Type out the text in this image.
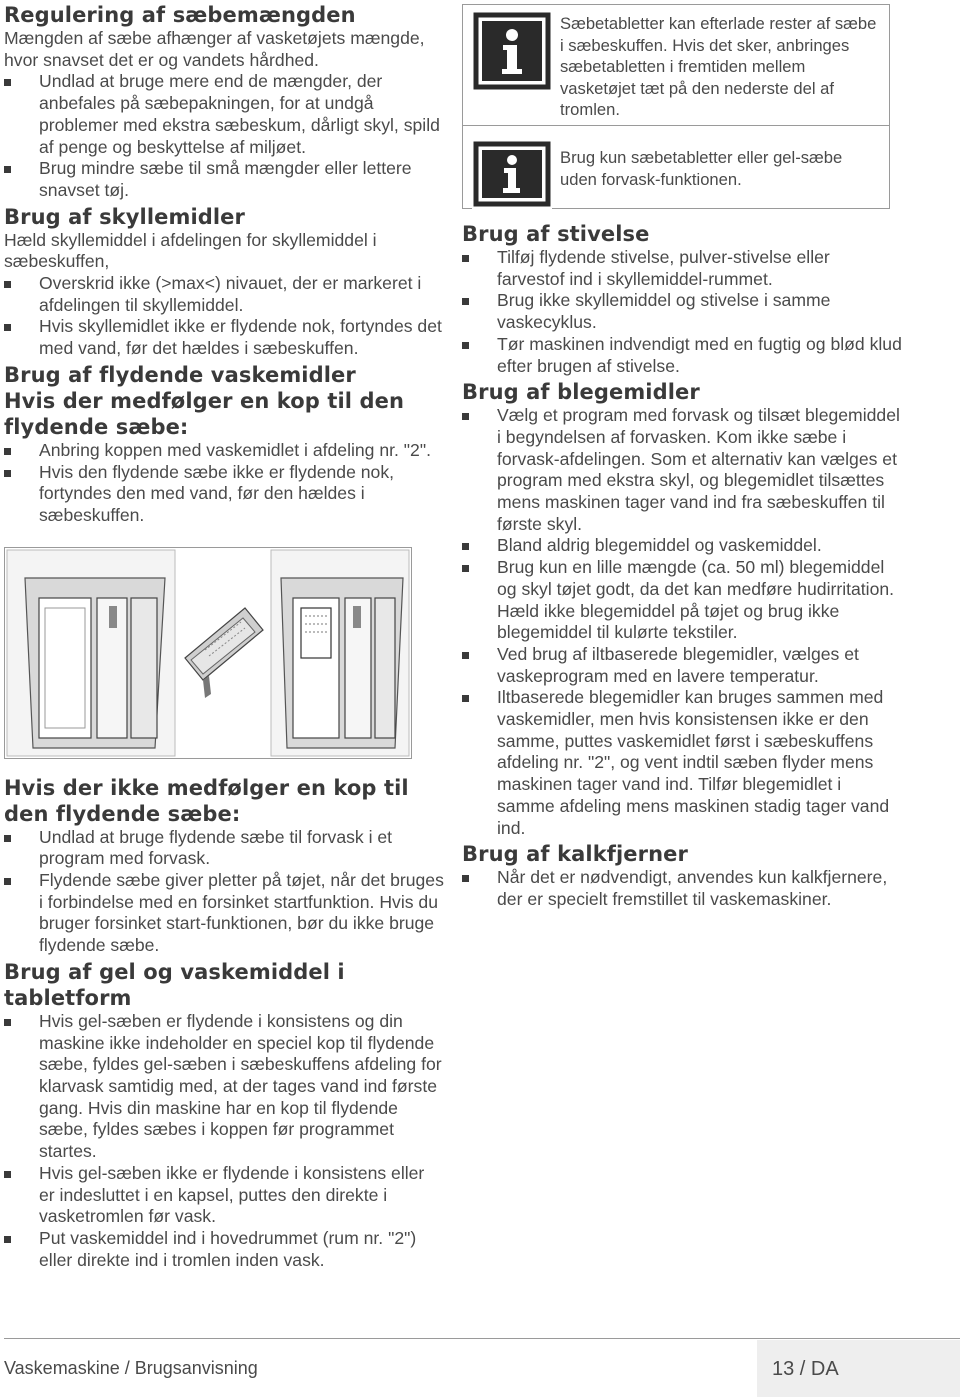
Regulering af sæbemængden

Mængden af sæbe afhænger af vasketøjets mængde, hvor snavset det er og vandets hårdhed.

Undlad at bruge mere end de mængder, der anbefales på sæbepakningen, for at undgå problemer med ekstra sæbeskum, dårligt skyl, spild af penge og beskyttelse af miljøet.
Brug mindre sæbe til små mængder eller lettere snavset tøj.
Brug af skyllemidler

Hæld skyllemiddel i afdelingen for skyllemiddel i sæbeskuffen,

Overskrid ikke (>max<) nivauet, der er markeret i afdelingen til skyllemiddel.
Hvis skyllemidlet ikke er flydende nok, fortyndes det med vand, før det hældes i sæbeskuffen.
Brug af flydende vaskemidler
Hvis der medfølger en kop til den flydende sæbe:
Anbring koppen med vaskemidlet i afdeling nr. "2".
Hvis den flydende sæbe ikke er flydende nok, fortyndes den med vand, før den hældes i sæbeskuffen.
Hvis der ikke medfølger en kop til den flydende sæbe:
Undlad at bruge flydende sæbe til forvask i et program med forvask.
Flydende sæbe giver pletter på tøjet, når det bruges i forbindelse med en forsinket startfunktion. Hvis du bruger forsinket start-funktionen, bør du ikke bruge flydende sæbe.
Brug af gel og vaskemiddel i tabletform
Hvis gel-sæben er flydende i konsistens og din maskine ikke indeholder en speciel kop til flydende sæbe, fyldes gel-sæben i sæbeskuffens afdeling for klarvask samtidig med, at der tages vand ind første gang. Hvis din maskine har en kop til flydende sæbe, fyldes sæbes i koppen før programmet startes.
Hvis gel-sæben ikke er flydende i konsistens eller er indesluttet i en kapsel, puttes den direkte i vasketromlen før vask.
Put vaskemiddel ind i hovedrummet (rum nr. "2") eller direkte ind i tromlen inden vask.
Sæbetabletter kan efterlade rester af sæbe i sæbeskuffen. Hvis det sker, anbringes sæbetabletten i fremtiden mellem vasketøjet tæt på den nederste del af tromlen.
Brug kun sæbetabletter eller gel-sæbe uden forvask-funktionen.
Brug af stivelse
Tilføj flydende stivelse, pulver-stivelse eller farvestof ind i skyllemiddel-rummet.
Brug ikke skyllemiddel og stivelse i samme vaskecyklus.
Tør maskinen indvendigt med en fugtig og blød klud efter brugen af stivelse.
Brug af blegemidler
Vælg et program med forvask og tilsæt blegemiddel i begyndelsen af forvasken. Kom ikke sæbe i forvask-afdelingen. Som et alternativ kan vælges et program med ekstra skyl, og blegemidlet tilsættes mens maskinen tager vand ind fra sæbeskuffen til første skyl.
Bland aldrig blegemiddel og vaskemiddel.
Brug kun en lille mængde (ca. 50 ml) blegemiddel og skyl tøjet godt, da det kan medføre hudirritation. Hæld ikke blegemiddel på tøjet og brug ikke blegemiddel til kulørte tekstiler.
Ved brug af iltbaserede blegemidler, vælges et vaskeprogram med en lavere temperatur.
Iltbaserede blegemidler kan bruges sammen med vaskemidler, men hvis konsistensen ikke er den samme, puttes vaskemidlet først i sæbeskuffens afdeling nr. "2", og vent indtil sæben flyder mens maskinen tager vand ind. Tilfør blegemidlet i samme afdeling mens maskinen stadig tager vand ind.
Brug af kalkfjerner
Når det er nødvendigt, anvendes kun kalkfjernere, der er specielt fremstillet til vaskemaskiner.
Vaskemaskine / Brugsanvisning	13 / DA
